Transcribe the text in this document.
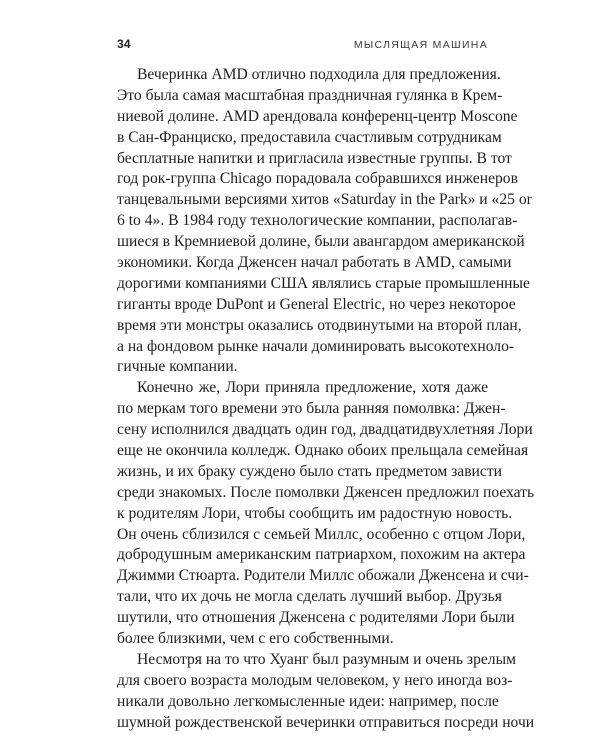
34	МЫСЛЯЩАЯ МАШИНА
Вечеринка AMD отлично подходила для предложения.
Это была самая масштабная праздничная гулянка в Крем-
ниевой долине. AMD арендовала конференц-центр Moscone
в Сан-Франциско, предоставила счастливым сотрудникам
бесплатные напитки и пригласила известные группы. В тот
год рок-группа Chicago порадовала собравшихся инженеров
танцевальными версиями хитов «Saturday in the Park» и «25 or
6 to 4». В 1984 году технологические компании, располагав-
шиеся в Кремниевой долине, были авангардом американской
экономики. Когда Дженсен начал работать в AMD, самыми
дорогими компаниями США являлись старые промышленные
гиганты вроде DuPont и General Electric, но через некоторое
время эти монстры оказались отодвинутыми на второй план,
а на фондовом рынке начали доминировать высокотехноло-
гичные компании.
Конечно же, Лори приняла предложение, хотя даже
по меркам того времени это была ранняя помолвка: Джен-
сену исполнился двадцать один год, двадцатидвухлетняя Лори
еще не окончила колледж. Однако обоих прельщала семейная
жизнь, и их браку суждено было стать предметом зависти
среди знакомых. После помолвки Дженсен предложил поехать
к родителям Лори, чтобы сообщить им радостную новость.
Он очень сблизился с семьей Миллс, особенно с отцом Лори,
добродушным американским патриархом, похожим на актера
Джимми Стюарта. Родители Миллс обожали Дженсена и счи-
тали, что их дочь не могла сделать лучший выбор. Друзья
шутили, что отношения Дженсена с родителями Лори были
более близкими, чем с его собственными.
Несмотря на то что Хуанг был разумным и очень зрелым
для своего возраста молодым человеком, у него иногда воз-
никали довольно легкомысленные идеи: например, после
шумной рождественской вечеринки отправиться посреди ночи
